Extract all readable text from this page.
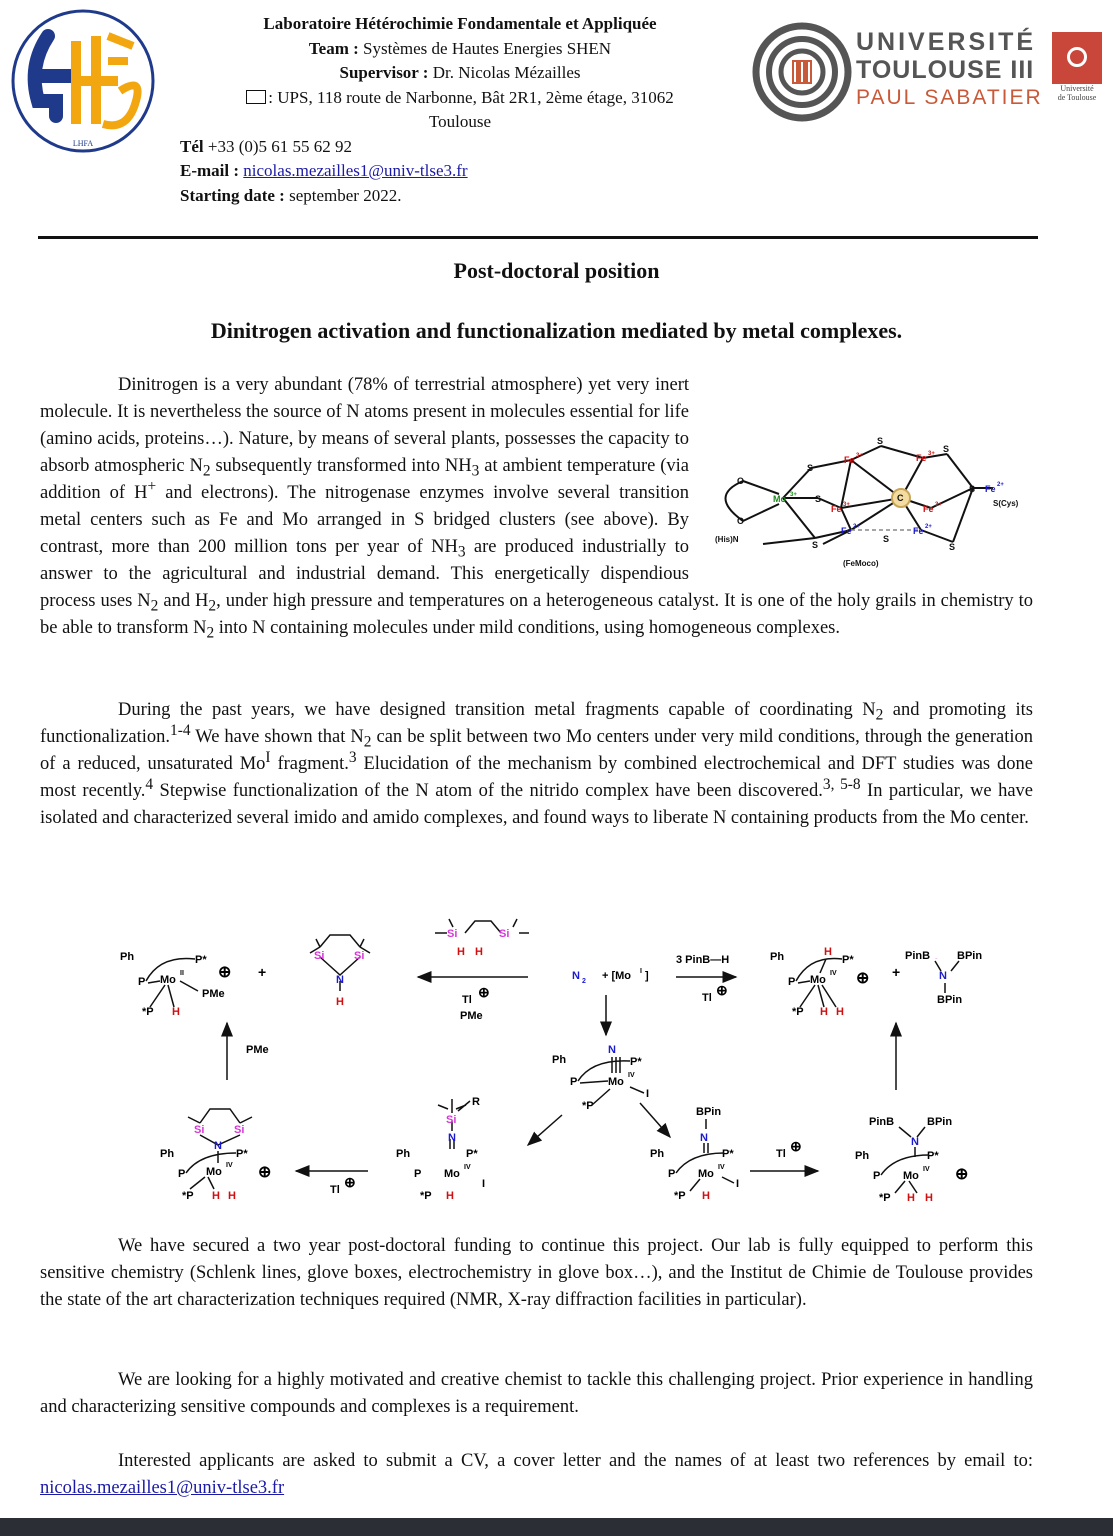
LHFA
Laboratoire Hétérochimie Fondamentale et Appliquée
Team : Systèmes de Hautes Energies SHEN
Supervisor : Dr. Nicolas Mézailles
: UPS, 118 route de Narbonne, Bât 2R1, 2ème étage, 31062
Toulouse
Tél +33 (0)5 61 55 62 92
E-mail : nicolas.mezailles1@univ-tlse3.fr
Starting date : september 2022.
UNIVERSITÉ
TOULOUSE III
PAUL SABATIER	Université
de Toulouse
Post-doctoral position
Dinitrogen activation and functionalization mediated by metal complexes.
C
O
O
Mo 3+
Fe 3+	Fe 3+
Fe 3+	Fe 3+
Fe 2+	Fe 2+
Fe 2+
S
S
S
S
S
S	S
S
(His)N
S(Cys)
(FeMoco)
Dinitrogen is a very abundant (78% of terrestrial atmosphere) yet very inert molecule. It is nevertheless the source of N atoms present in molecules essential for life (amino acids, proteins…). Nature, by means of several plants, possesses the capacity to absorb atmospheric $N_2$ subsequently transformed into $NH_3$ at ambient temperature (via addition of H+ and electrons). The nitrogenase enzymes involve several transition metal centers such as Fe and Mo arranged in S bridged clusters (see above). By contrast, more than 200 million tons per year of $NH_3$ are produced industrially to answer to the agricultural and industrial demand. This energetically dispendious process uses $N_2$ and $H_2$, under high pressure and temperatures on a heterogeneous catalyst. It is one of the holy grails in chemistry to be able to transform $N_2$ into N containing molecules under mild conditions, using homogeneous complexes.
During the past years, we have designed transition metal fragments capable of coordinating $N_2$ and promoting its functionalization.$^{1-4}$ We have shown that $N_2$ can be split between two Mo centers under very mild conditions, through the generation of a reduced, unsaturated $Mo^I$ fragment.$^3$ Elucidation of the mechanism by combined electrochemical and DFT studies was done most recently.$^4$ Stepwise functionalization of the N atom of the nitrido complex have been discovered.$^{3, 5-8}$ In particular, we have isolated and characterized several imido and amido complexes, and found ways to liberate N containing products from the Mo center.
Ph
P
P*
Mo
II
PMe
*P H
⊕ +
Si	Si
N
H
Si	Si
H H
Tl ⊕
PMe
N 2 + [Mo I ]
3 PinB—H
Tl ⊕
Ph
P
H
P*
Mo
IV
*P H H
⊕ +
PinB	PinB BPin
N
BPin
PMe
Ph
N
P*
P	Mo
IV
*P
I
Si	Si
N
Ph	P*
P Mo
IV
*P H H
⊕
Tl ⊕
Si
R
N
Ph	P*
P Mo
IV
*P H
I
BPin
N
Ph	P*
P Mo
IV
*P H
I
Tl ⊕
PinB	BPin
N
Ph	P*
P Mo
IV
*P H H
⊕
We have secured a two year post-doctoral funding to continue this project. Our lab is fully equipped to perform this sensitive chemistry (Schlenk lines, glove boxes, electrochemistry in glove box…), and the Institut de Chimie de Toulouse provides the state of the art characterization techniques required (NMR, X-ray diffraction facilities in particular).
We are looking for a highly motivated and creative chemist to tackle this challenging project. Prior experience in handling and characterizing sensitive compounds and complexes is a requirement.
Interested applicants are asked to submit a CV, a cover letter and the names of at least two references by email to: nicolas.mezailles1@univ-tlse3.fr
